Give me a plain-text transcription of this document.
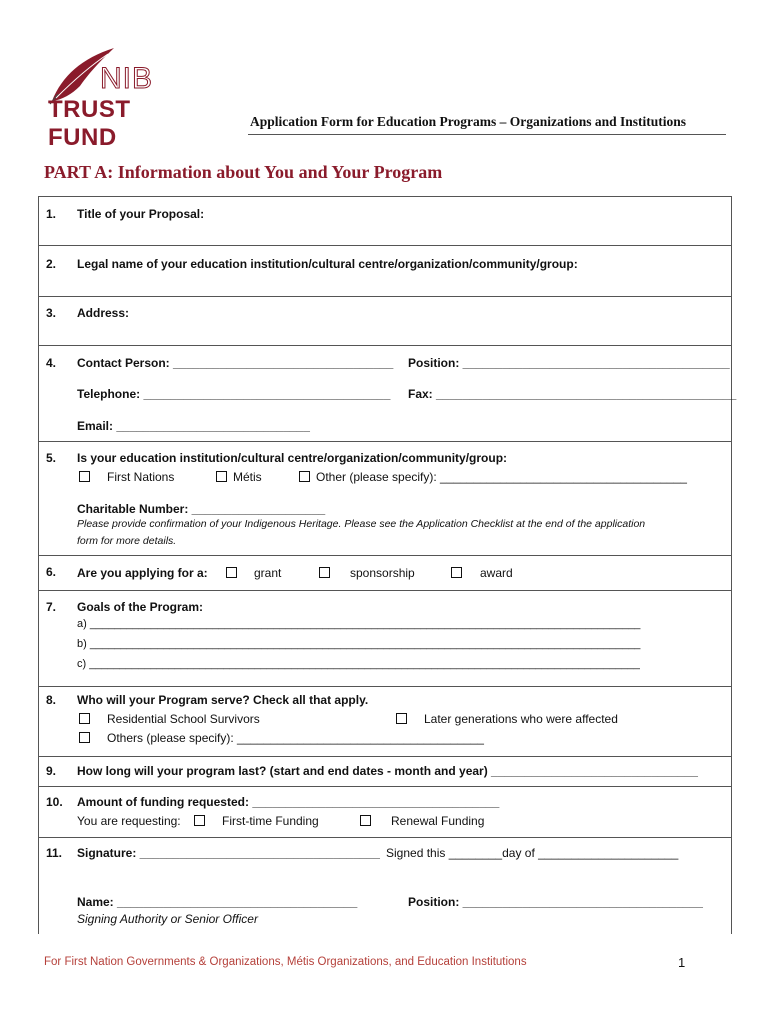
NIB
TRUST FUND
Application Form for Education Programs – Organizations and Institutions
PART A: Information about You and Your Program
1. Title of your Proposal:
2. Legal name of your education institution/cultural centre/organization/community/group:
3. Address:
4. Contact Person: _________________________________ Position: ________________________________________
Telephone: _____________________________________ Fax: _____________________________________________
Email: _____________________________
5. Is your education institution/cultural centre/organization/community/group:
First Nations	Métis	Other (please specify): _____________________________________
Charitable Number: ____________________
Please provide confirmation of your Indigenous Heritage. Please see the Application Checklist at the end of the application
form for more details.
6. Are you applying for a:	grant	sponsorship	award
7. Goals of the Program:
a) __________________________________________________________________________________________
b) __________________________________________________________________________________________
c) __________________________________________________________________________________________
8. Who will your Program serve? Check all that apply.
Residential School Survivors	Later generations who were affected
Others (please specify): _____________________________________
9. How long will your program last? (start and end dates - month and year) _______________________________
10. Amount of funding requested: _____________________________________
You are requesting:	First-time Funding	Renewal Funding
11. Signature: ____________________________________ Signed this ________day of _____________________
Name: ____________________________________	Position: ____________________________________
Signing Authority or Senior Officer
For First Nation Governments & Organizations, Métis Organizations, and Education Institutions	1
